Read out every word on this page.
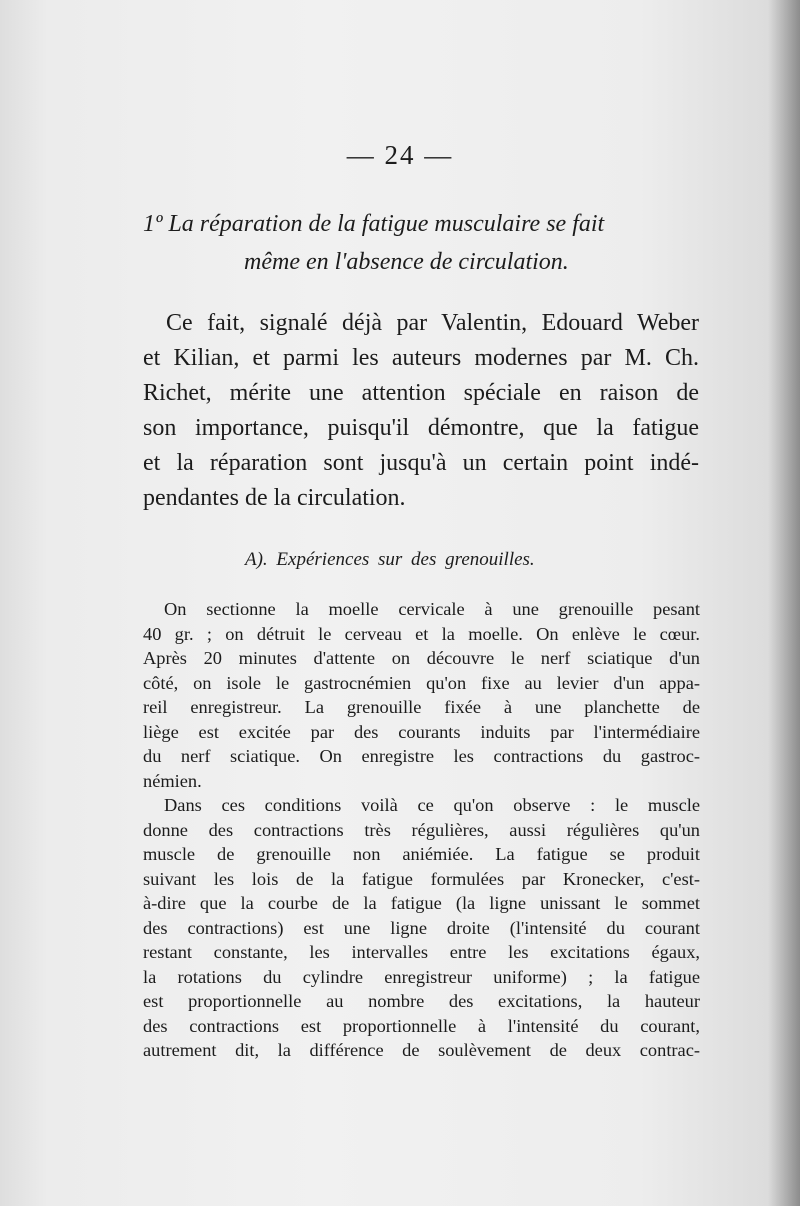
— 24 —
1º La réparation de la fatigue musculaire se fait
même en l'absence de circulation.
Ce fait, signalé déjà par Valentin, Edouard Weber
et Kilian, et parmi les auteurs modernes par M. Ch.
Richet, mérite une attention spéciale en raison de
son importance, puisqu'il démontre, que la fatigue
et la réparation sont jusqu'à un certain point indé-
pendantes de la circulation.
A). Expériences sur des grenouilles.
On sectionne la moelle cervicale à une grenouille pesant
40 gr. ; on détruit le cerveau et la moelle. On enlève le cœur.
Après 20 minutes d'attente on découvre le nerf sciatique d'un
côté, on isole le gastrocnémien qu'on fixe au levier d'un appa-
reil enregistreur. La grenouille fixée à une planchette de
liège est excitée par des courants induits par l'intermédiaire
du nerf sciatique. On enregistre les contractions du gastroc-
némien.
Dans ces conditions voilà ce qu'on observe : le muscle
donne des contractions très régulières, aussi régulières qu'un
muscle de grenouille non aniémiée. La fatigue se produit
suivant les lois de la fatigue formulées par Kronecker, c'est-
à-dire que la courbe de la fatigue (la ligne unissant le sommet
des contractions) est une ligne droite (l'intensité du courant
restant constante, les intervalles entre les excitations égaux,
la rotations du cylindre enregistreur uniforme) ; la fatigue
est proportionnelle au nombre des excitations, la hauteur
des contractions est proportionnelle à l'intensité du courant,
autrement dit, la différence de soulèvement de deux contrac-
